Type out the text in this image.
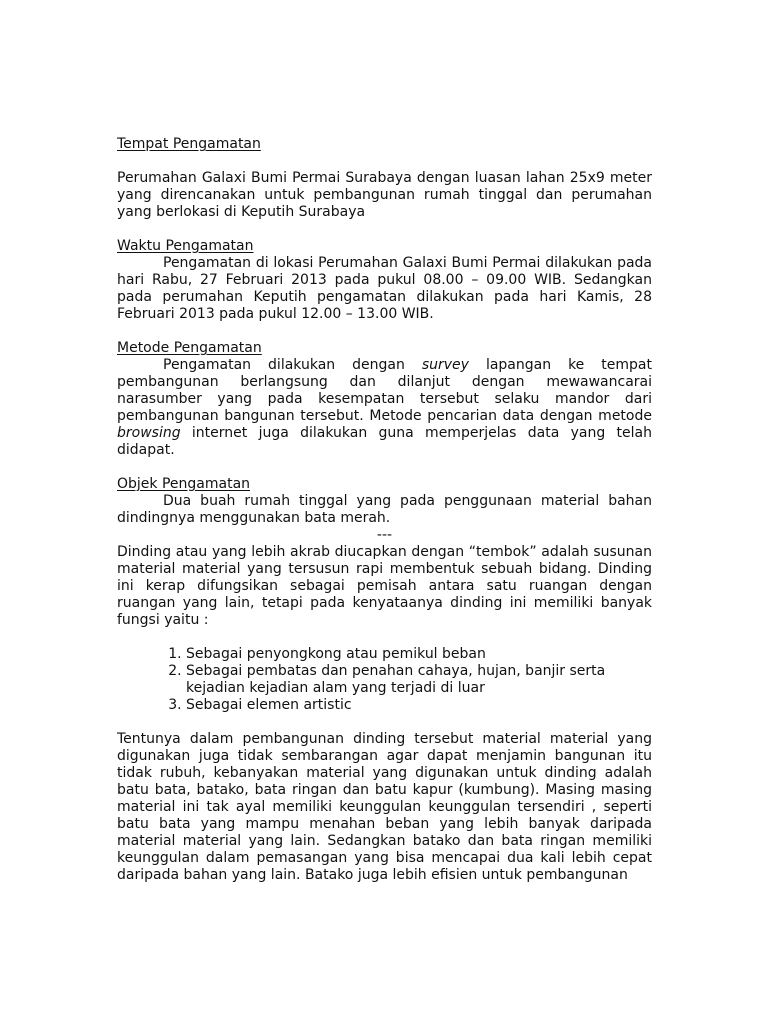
Tempat Pengamatan
Perumahan Galaxi Bumi Permai Surabaya dengan luasan lahan 25x9 meter yang direncanakan untuk pembangunan rumah tinggal dan perumahan yang berlokasi di Keputih Surabaya
Waktu Pengamatan
Pengamatan di lokasi Perumahan Galaxi Bumi Permai dilakukan pada hari Rabu, 27 Februari 2013 pada pukul 08.00 – 09.00 WIB. Sedangkan pada perumahan Keputih pengamatan dilakukan pada hari Kamis, 28 Februari 2013 pada pukul 12.00 – 13.00 WIB.
Metode Pengamatan
Pengamatan dilakukan dengan survey lapangan ke tempat pembangunan berlangsung dan dilanjut dengan mewawancarai narasumber yang pada kesempatan tersebut selaku mandor dari pembangunan bangunan tersebut. Metode pencarian data dengan metode browsing internet juga dilakukan guna memperjelas data yang telah didapat.
Objek Pengamatan
Dua buah rumah tinggal yang pada penggunaan material bahan dindingnya menggunakan bata merah.
---
Dinding atau yang lebih akrab diucapkan dengan “tembok” adalah susunan material material yang tersusun rapi membentuk sebuah bidang. Dinding ini kerap difungsikan sebagai pemisah antara satu ruangan dengan ruangan yang lain, tetapi pada kenyataanya dinding ini memiliki banyak fungsi yaitu :
1. Sebagai penyongkong atau pemikul beban
2. Sebagai pembatas dan penahan cahaya, hujan, banjir serta kejadian kejadian alam yang terjadi di luar
3. Sebagai elemen artistic
Tentunya dalam pembangunan dinding tersebut material material yang digunakan juga tidak sembarangan agar dapat menjamin bangunan itu tidak rubuh, kebanyakan material yang digunakan untuk dinding adalah batu bata, batako, bata ringan dan batu kapur (kumbung). Masing masing material ini tak ayal memiliki keunggulan keunggulan tersendiri , seperti batu bata yang mampu menahan beban yang lebih banyak daripada material material yang lain. Sedangkan batako dan bata ringan memiliki keunggulan dalam pemasangan yang bisa mencapai dua kali lebih cepat daripada bahan yang lain. Batako juga lebih efisien untuk pembangunan
